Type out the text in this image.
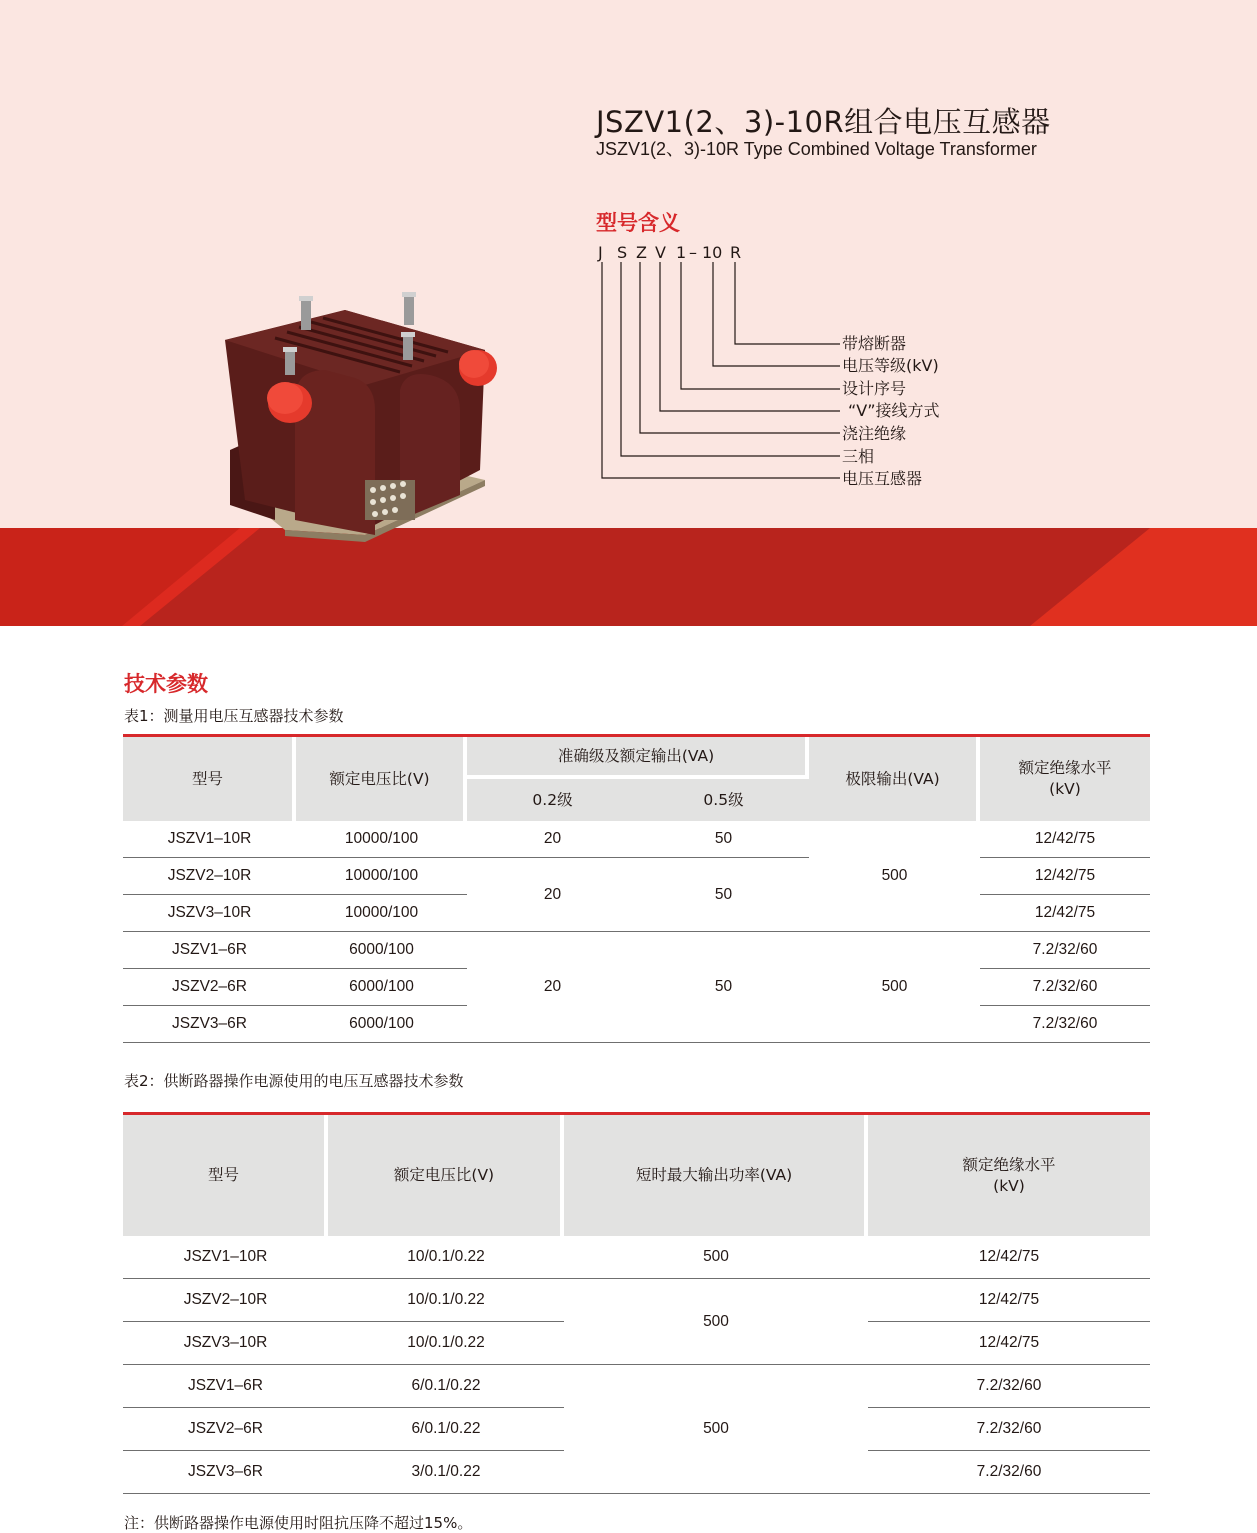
JSZV1(2、3)-10R组合电压互感器
JSZV1(2、3)-10R Type Combined Voltage Transformer
型号含义
J S Z V 1 – 10 R
带熔断器
电压等级(kV)
设计序号
“V”接线方式
浇注绝缘
三相
电压互感器
技术参数
表1：测量用电压互感器技术参数
型号	额定电压比(V)	准确级及额定输出(VA)		极限输出(VA)	额定绝缘水平
(kV)

		0.2级	0.5级		
JSZV1–10R	10000/100	20	50	500	12/42/75
JSZV2–10R	10000/100	20	50		12/42/75
JSZV3–10R	10000/100				12/42/75
JSZV1–6R	6000/100	20	50	500	7.2/32/60
JSZV2–6R	6000/100				7.2/32/60
JSZV3–6R	6000/100				7.2/32/60
表2：供断路器操作电源使用的电压互感器技术参数
型号	额定电压比(V)	短时最大输出功率(VA)	额定绝缘水平
(kV)

JSZV1–10R	10/0.1/0.22	500	12/42/75
JSZV2–10R	10/0.1/0.22	500	12/42/75
JSZV3–10R	10/0.1/0.22		12/42/75
JSZV1–6R	6/0.1/0.22	500	7.2/32/60
JSZV2–6R	6/0.1/0.22		7.2/32/60
JSZV3–6R	3/0.1/0.22		7.2/32/60
注：供断路器操作电源使用时阻抗压降不超过15%。
